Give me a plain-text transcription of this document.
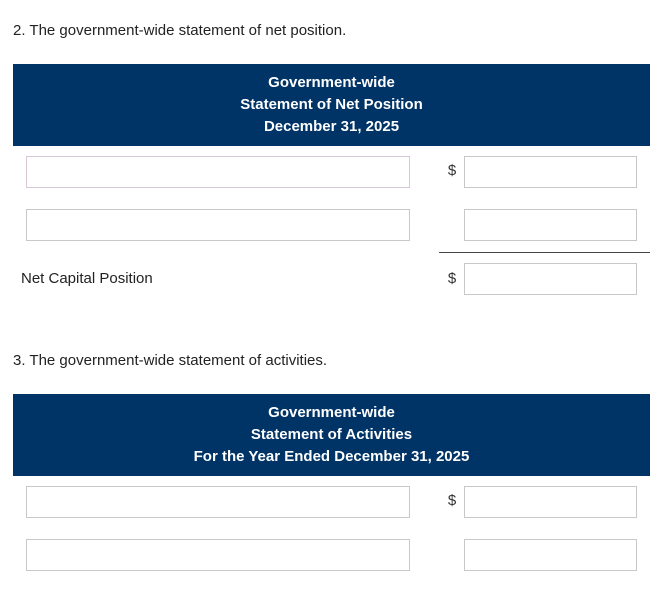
2. The government-wide statement of net position.
Government-wide
Statement of Net Position
December 31, 2025
$
Net Capital Position	$
3. The government-wide statement of activities.
Government-wide
Statement of Activities
For the Year Ended December 31, 2025
$
